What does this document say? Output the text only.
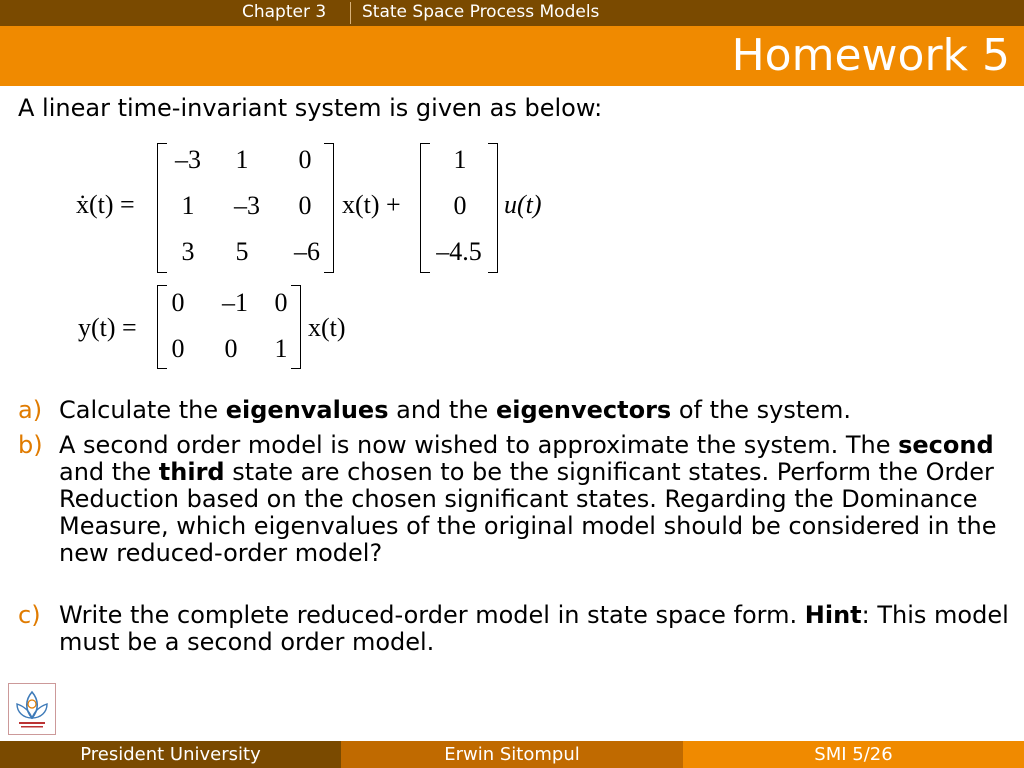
Chapter 3 State Space Process Models
Homework 5
A linear time-invariant system is given as below:
ẋ(t) =
–3	1	0
1	–3	0
3	5	–6
x(t) +
1
0
–4.5
u(t)
y(t) =
0	–1	0
0	0	1
x(t)
a) Calculate the eigenvalues and the eigenvectors of the system.
b) A second order model is now wished to approximate the system. The second and the third state are chosen to be the significant states. Perform the Order Reduction based on the chosen significant states. Regarding the Dominance Measure, which eigenvalues of the original model should be considered in the new reduced-order model?
c) Write the complete reduced-order model in state space form. Hint: This model must be a second order model.
President University	Erwin Sitompul	SMI 5/26
